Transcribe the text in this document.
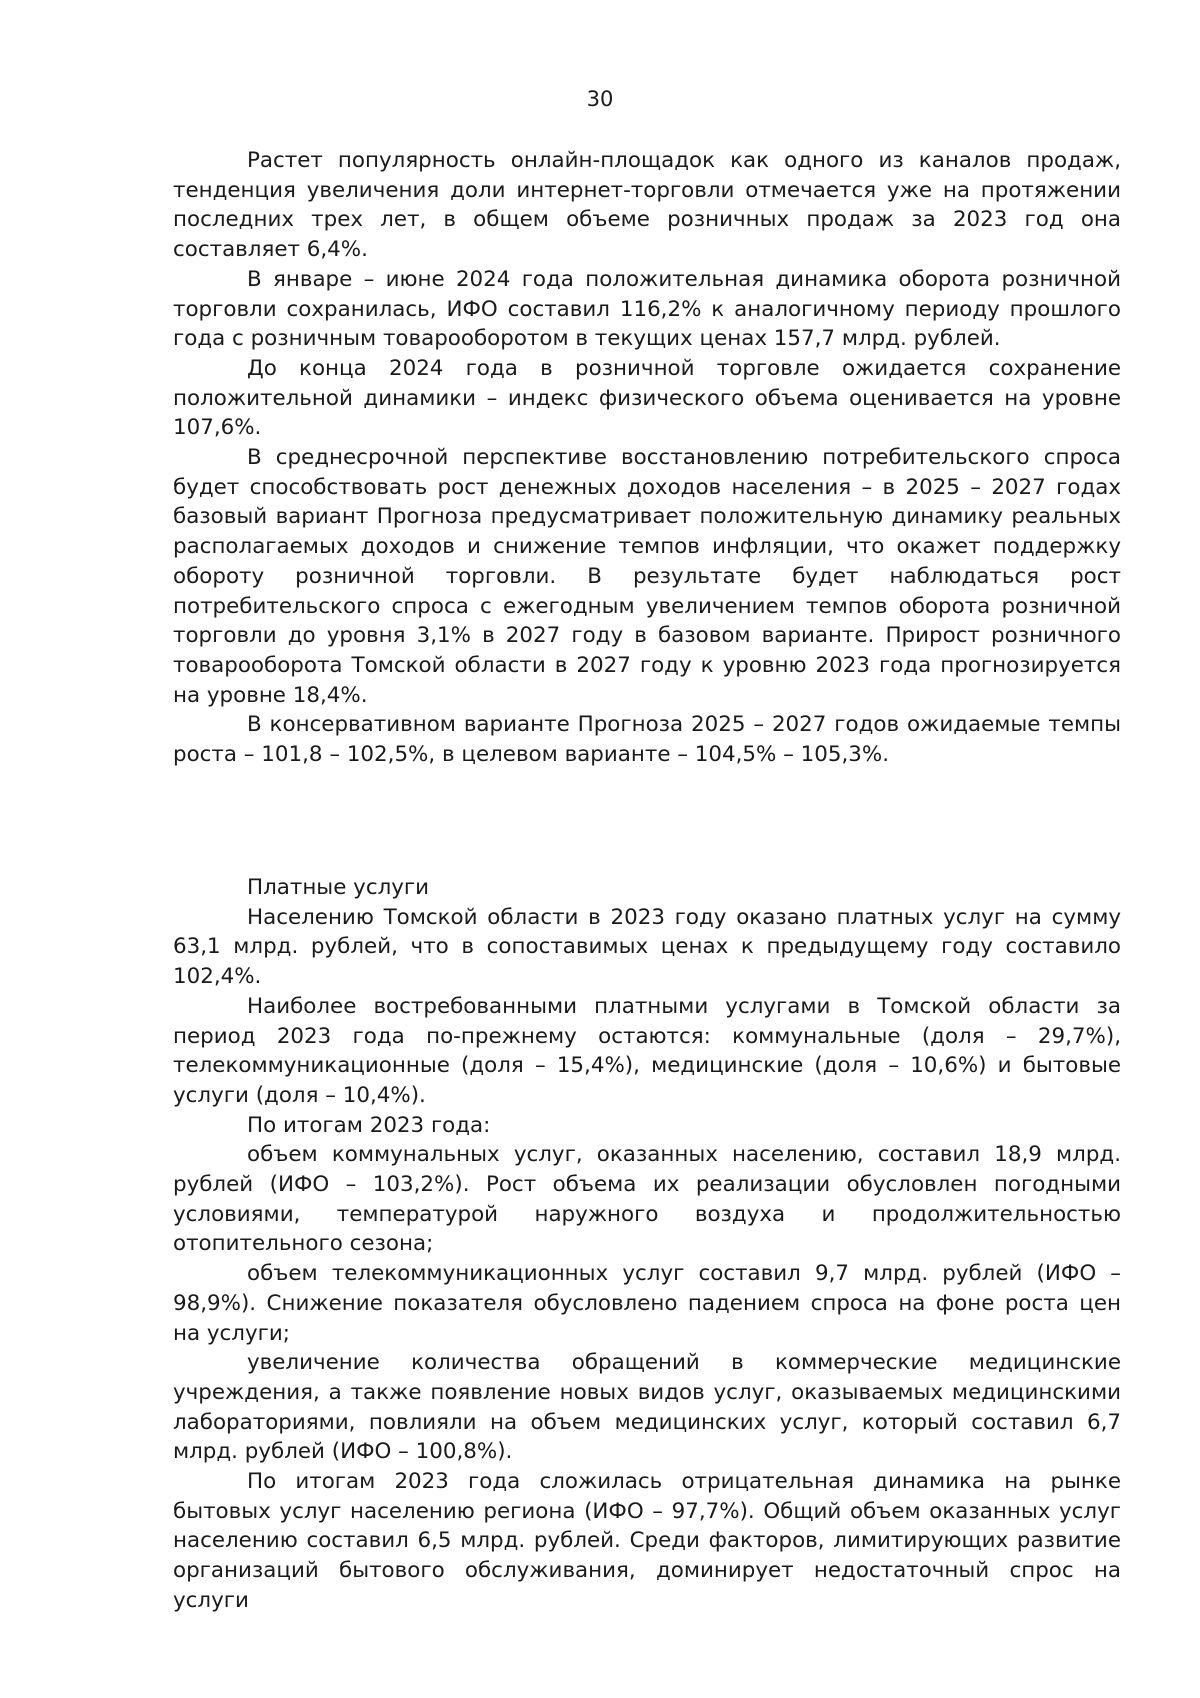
30

Растет популярность онлайн-площадок как одного из каналов продаж, тенденция увеличения доли интернет-торговли отмечается уже на протяжении последних трех лет, в общем объеме розничных продаж за 2023 год она составляет 6,4%.

В январе – июне 2024 года положительная динамика оборота розничной торговли сохранилась, ИФО составил 116,2% к аналогичному периоду прошлого года с розничным товарооборотом в текущих ценах 157,7 млрд. рублей.

До конца 2024 года в розничной торговле ожидается сохранение положительной динамики – индекс физического объема оценивается на уровне 107,6%.

В среднесрочной перспективе восстановлению потребительского спроса будет способствовать рост денежных доходов населения – в 2025 – 2027 годах базовый вариант Прогноза предусматривает положительную динамику реальных располагаемых доходов и снижение темпов инфляции, что окажет поддержку обороту розничной торговли. В результате будет наблюдаться рост потребительского спроса с ежегодным увеличением темпов оборота розничной торговли до уровня 3,1% в 2027 году в базовом варианте. Прирост розничного товарооборота Томской области в 2027 году к уровню 2023 года прогнозируется на уровне 18,4%.

В консервативном варианте Прогноза 2025 – 2027 годов ожидаемые темпы роста – 101,8 – 102,5%, в целевом варианте – 104,5% – 105,3%.

Платные услуги

Населению Томской области в 2023 году оказано платных услуг на сумму 63,1 млрд. рублей, что в сопоставимых ценах к предыдущему году составило 102,4%.

Наиболее востребованными платными услугами в Томской области за период 2023 года по-прежнему остаются: коммунальные (доля – 29,7%), телекоммуникационные (доля – 15,4%), медицинские (доля – 10,6%) и бытовые услуги (доля – 10,4%).

По итогам 2023 года:

объем коммунальных услуг, оказанных населению, составил 18,9 млрд. рублей (ИФО – 103,2%). Рост объема их реализации обусловлен погодными условиями, температурой наружного воздуха и продолжительностью отопительного сезона;

объем телекоммуникационных услуг составил 9,7 млрд. рублей (ИФО – 98,9%). Снижение показателя обусловлено падением спроса на фоне роста цен на услуги;

увеличение количества обращений в коммерческие медицинские учреждения, а также появление новых видов услуг, оказываемых медицинскими лабораториями, повлияли на объем медицинских услуг, который составил 6,7 млрд. рублей (ИФО – 100,8%).

По итогам 2023 года сложилась отрицательная динамика на рынке бытовых услуг населению региона (ИФО – 97,7%). Общий объем оказанных услуг населению составил 6,5 млрд. рублей. Среди факторов, лимитирующих развитие организаций бытового обслуживания, доминирует недостаточный спрос на услуги
